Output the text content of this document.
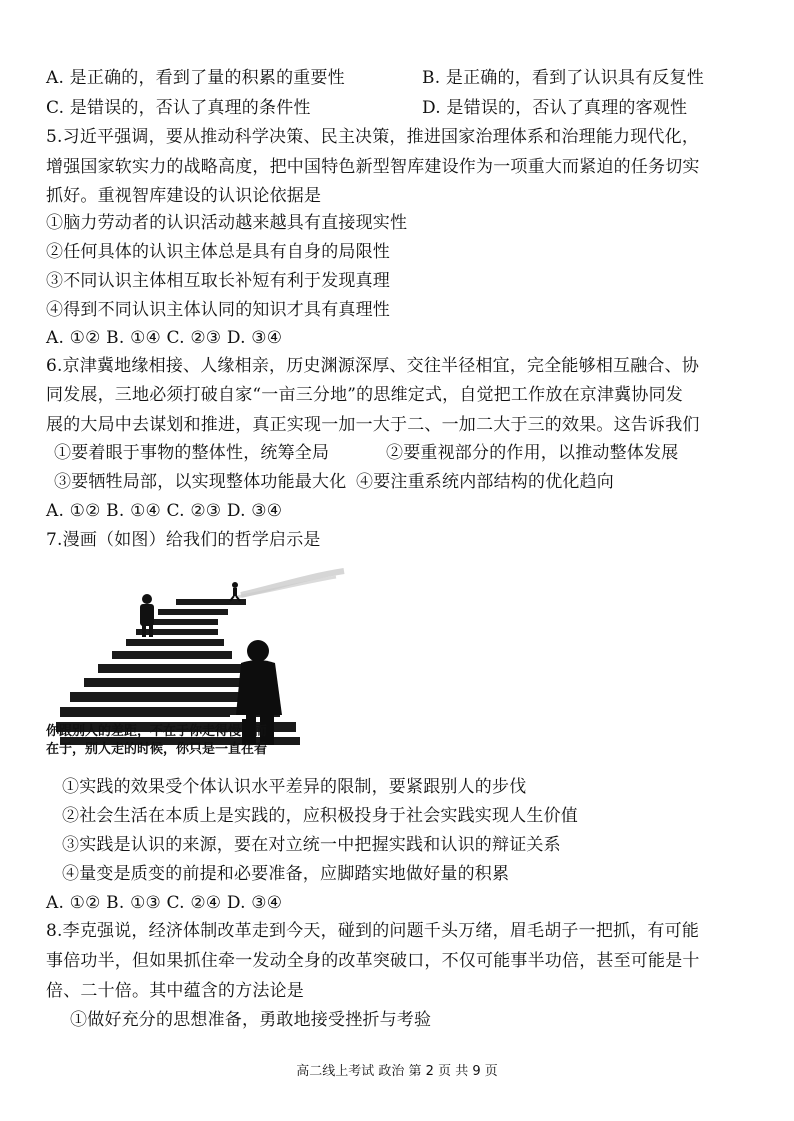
A. 是正确的，看到了量的积累的重要性	B. 是正确的，看到了认识具有反复性
C. 是错误的，否认了真理的条件性	D. 是错误的，否认了真理的客观性
5.习近平强调，要从推动科学决策、民主决策，推进国家治理体系和治理能力现代化，
增强国家软实力的战略高度，把中国特色新型智库建设作为一项重大而紧迫的任务切实
抓好。重视智库建设的认识论依据是
①脑力劳动者的认识活动越来越具有直接现实性
②任何具体的认识主体总是具有自身的局限性
③不同认识主体相互取长补短有利于发现真理
④得到不同认识主体认同的知识才具有真理性
A. ①② B. ①④ C. ②③ D. ③④
6.京津冀地缘相接、人缘相亲，历史渊源深厚、交往半径相宜，完全能够相互融合、协
同发展，三地必须打破自家“一亩三分地”的思维定式，自觉把工作放在京津冀协同发
展的大局中去谋划和推进，真正实现一加一大于二、一加二大于三的效果。这告诉我们
①要着眼于事物的整体性，统筹全局	②要重视部分的作用，以推动整体发展
③要牺牲局部，以实现整体功能最大化 ④要注重系统内部结构的优化趋向
A. ①② B. ①④ C. ②③ D. ③④
7.漫画（如图）给我们的哲学启示是
你跟别人的差距，不在于你走得慢，而
在于，别人走的时候，你只是一直在看
①实践的效果受个体认识水平差异的限制，要紧跟别人的步伐
②社会生活在本质上是实践的，应积极投身于社会实践实现人生价值
③实践是认识的来源，要在对立统一中把握实践和认识的辩证关系
④量变是质变的前提和必要准备，应脚踏实地做好量的积累
A. ①② B. ①③ C. ②④ D. ③④
8.李克强说，经济体制改革走到今天，碰到的问题千头万绪，眉毛胡子一把抓，有可能
事倍功半，但如果抓住牵一发动全身的改革突破口，不仅可能事半功倍，甚至可能是十
倍、二十倍。其中蕴含的方法论是
①做好充分的思想准备，勇敢地接受挫折与考验
高二线上考试 政治 第 2 页 共 9 页
